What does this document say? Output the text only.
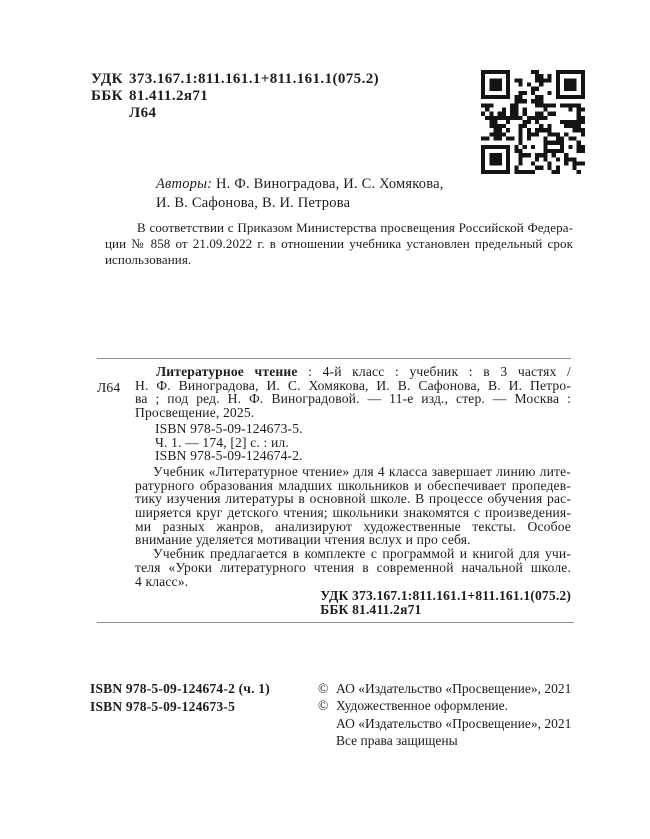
УДК 373.167.1:811.161.1+811.161.1(075.2)
ББК 81.411.2я71
Л64
Авторы: Н. Ф. Виноградова, И. С. Хомякова,
И. В. Сафонова, В. И. Петрова
В соответствии с Приказом Министерства просвещения Российской Федера-
ции № 858 от 21.09.2022 г. в отношении учебника установлен предельный срок
использования.
Л64
Литературное чтение : 4-й класс : учебник : в 3 частях /
Н. Ф. Виноградова, И. С. Хомякова, И. В. Сафонова, В. И. Петро-
ва ; под ред. Н. Ф. Виноградовой. — 11-е изд., стер. — Москва :
Просвещение, 2025.
ISBN 978-5-09-124673-5.
Ч. 1. — 174, [2] с. : ил.
ISBN 978-5-09-124674-2.
Учебник «Литературное чтение» для 4 класса завершает линию лите-
ратурного образования младших школьников и обеспечивает пропедев-
тику изучения литературы в основной школе. В процессе обучения рас-
ширяется круг детского чтения; школьники знакомятся с произведения-
ми разных жанров, анализируют художественные тексты. Особое
внимание уделяется мотивации чтения вслух и про себя.
Учебник предлагается в комплекте с программой и книгой для учи-
теля «Уроки литературного чтения в современной начальной школе.
4 класс».
УДК 373.167.1:811.161.1+811.161.1(075.2)
ББК 81.411.2я71
ISBN 978-5-09-124674-2 (ч. 1)
ISBN 978-5-09-124673-5
© АО «Издательство «Просвещение», 2021
© Художественное оформление.
АО «Издательство «Просвещение», 2021
Все права защищены
